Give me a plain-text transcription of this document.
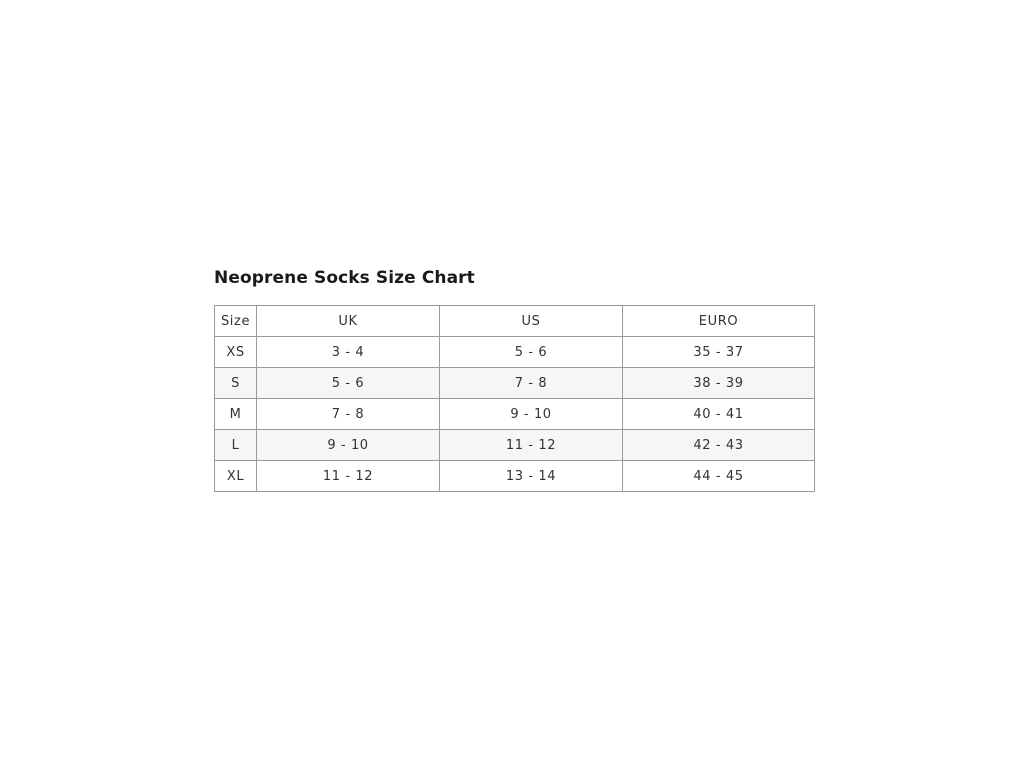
Neoprene Socks Size Chart
Size	UK	US	EURO
XS	3 - 4	5 - 6	35 - 37
S	5 - 6	7 - 8	38 - 39
M	7 - 8	9 - 10	40 - 41
L	9 - 10	11 - 12	42 - 43
XL	11 - 12	13 - 14	44 - 45
